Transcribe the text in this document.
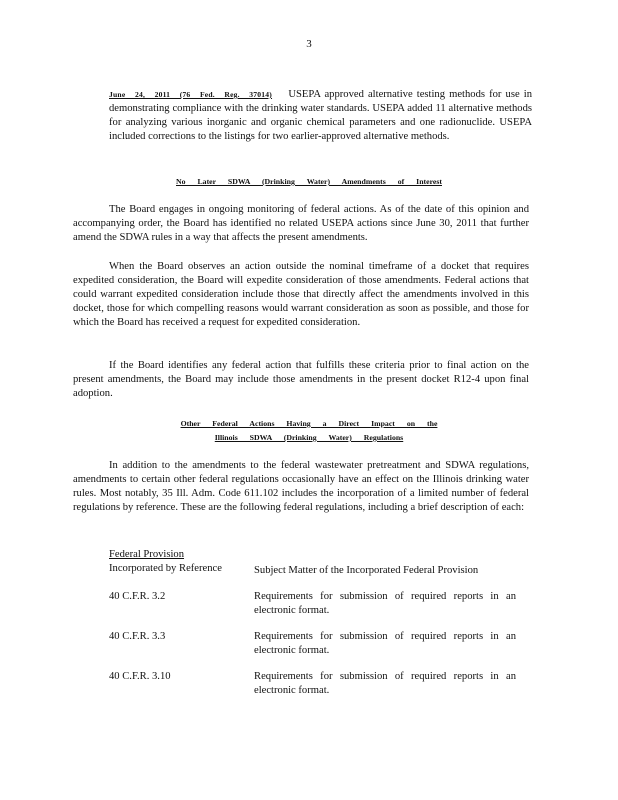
3

June 24, 2011 (76 Fed. Reg. 37014) USEPA approved alternative testing methods for use in demonstrating compliance with the drinking water standards. USEPA added 11 alternative methods for analyzing various inorganic and organic chemical parameters and one radionuclide. USEPA included corrections to the listings for two earlier-approved alternative methods.

No Later SDWA (Drinking Water) Amendments of Interest

The Board engages in ongoing monitoring of federal actions. As of the date of this opinion and accompanying order, the Board has identified no related USEPA actions since June 30, 2011 that further amend the SDWA rules in a way that affects the present amendments.

When the Board observes an action outside the nominal timeframe of a docket that requires expedited consideration, the Board will expedite consideration of those amendments. Federal actions that could warrant expedited consideration include those that directly affect the amendments involved in this docket, those for which compelling reasons would warrant consideration as soon as possible, and those for which the Board has received a request for expedited consideration.

If the Board identifies any federal action that fulfills these criteria prior to final action on the present amendments, the Board may include those amendments in the present docket R12-4 upon final adoption.

Other Federal Actions Having a Direct Impact on the
Illinois SDWA (Drinking Water) Regulations

In addition to the amendments to the federal wastewater pretreatment and SDWA regulations, amendments to certain other federal regulations occasionally have an effect on the Illinois drinking water rules. Most notably, 35 Ill. Adm. Code 611.102 includes the incorporation of a limited number of federal regulations by reference. These are the following federal regulations, including a brief description of each:

Federal Provision
Incorporated by Reference	Subject Matter of the Incorporated Federal Provision
40 C.F.R. 3.2	Requirements for submission of required reports in an electronic format.
40 C.F.R. 3.3	Requirements for submission of required reports in an electronic format.
40 C.F.R. 3.10	Requirements for submission of required reports in an electronic format.
